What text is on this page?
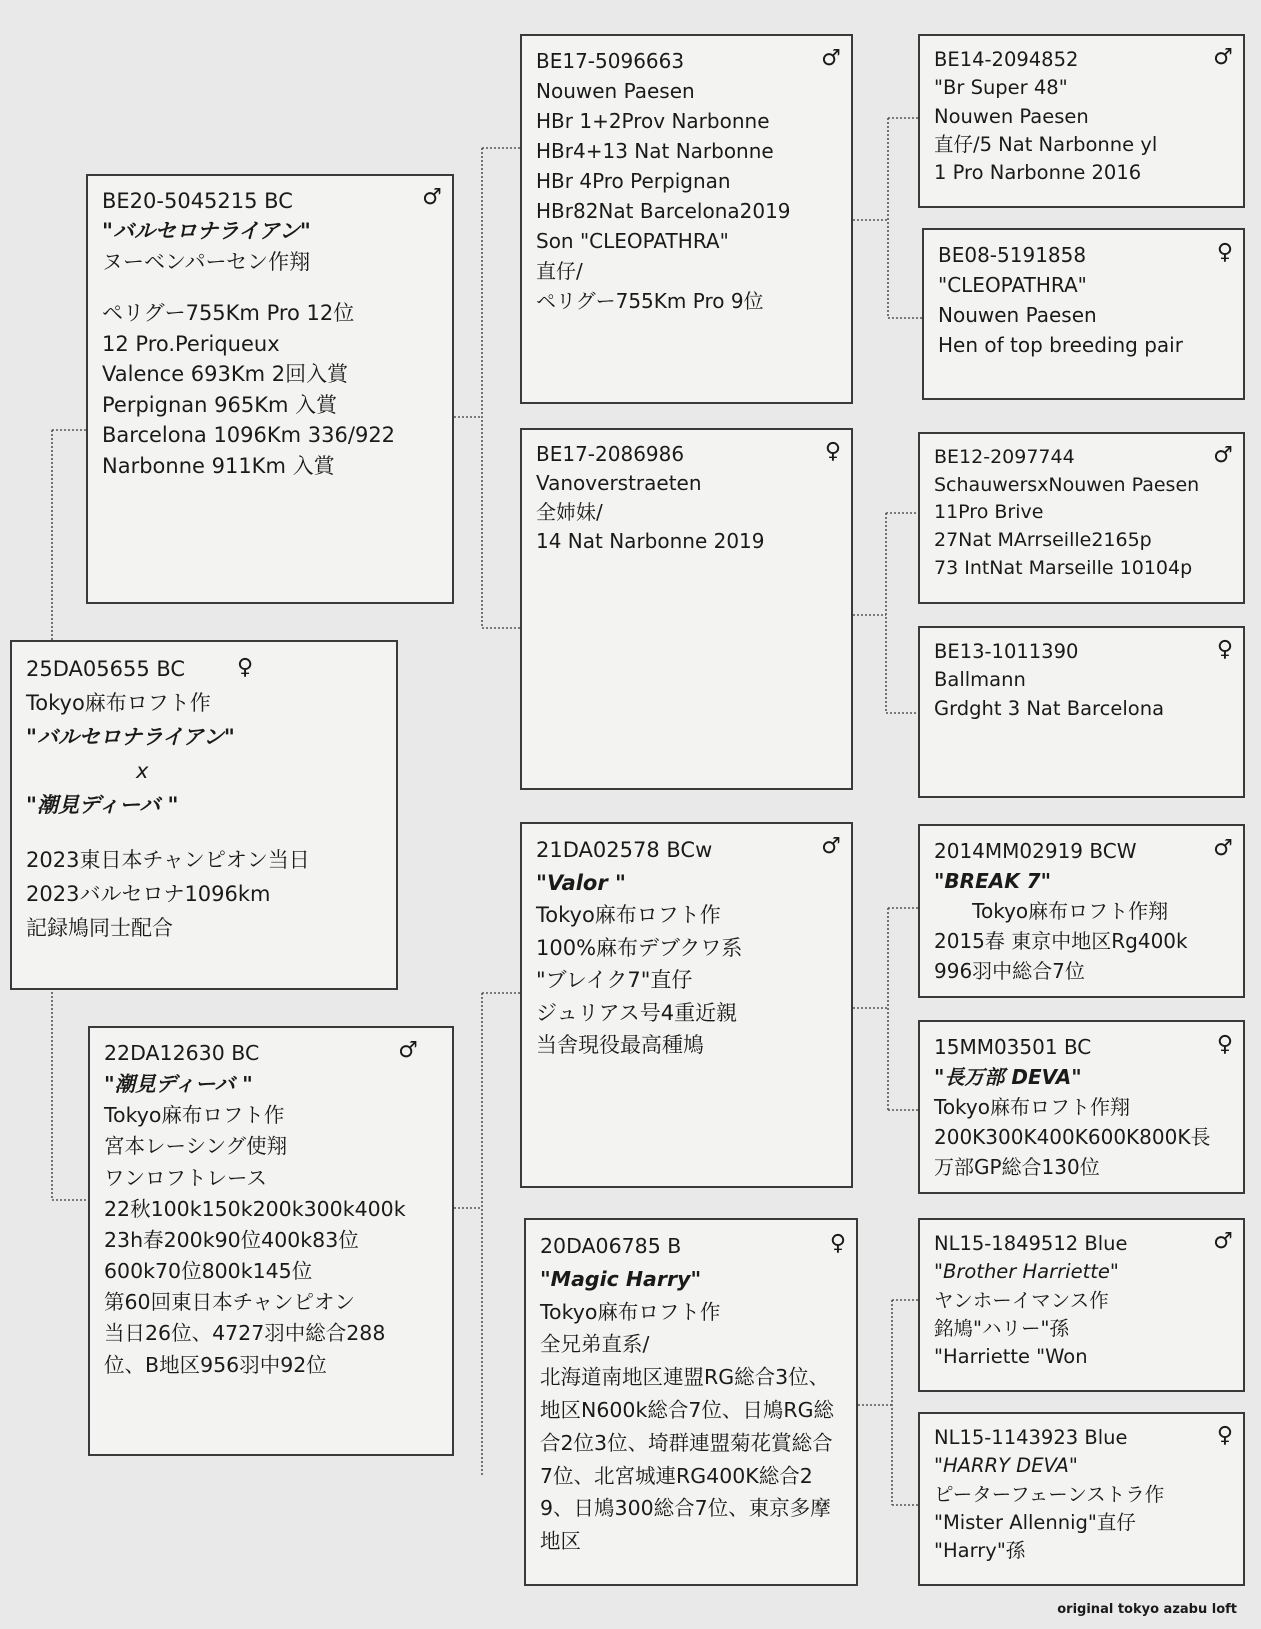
25DA05655 BC	♀
Tokyo麻布ロフト作
"バルセロナライアン"
x
"潮見ディーバ "
2023東日本チャンピオン当日
2023バルセロナ1096km
記録鳩同士配合
BE20-5045215 BC	♂
"バルセロナライアン"
ヌーベンパーセン作翔
ペリグー755Km Pro 12位
12 Pro.Periqueux
Valence 693Km 2回入賞
Perpignan 965Km 入賞
Barcelona 1096Km 336/922
Narbonne 911Km 入賞
22DA12630 BC	♂
"潮見ディーバ "
Tokyo麻布ロフト作
宮本レーシング使翔
ワンロフトレース
22秋100k150k200k300k400k
23h春200k90位400k83位
600k70位800k145位
第60回東日本チャンピオン
当日26位、4727羽中総合288
位、B地区956羽中92位
♂
BE17-5096663
Nouwen Paesen
HBr 1+2Prov Narbonne
HBr4+13 Nat Narbonne
HBr 4Pro Perpignan
HBr82Nat Barcelona2019
Son "CLEOPATHRA"
直仔/
ペリグー755Km Pro 9位
♀
BE17-2086986
Vanoverstraeten
全姉妹/
14 Nat Narbonne 2019
21DA02578 BCw	♂
"Valor "
Tokyo麻布ロフト作
100%麻布デブクワ系
"ブレイク7"直仔
ジュリアス号4重近親
当舎現役最高種鳩
20DA06785 B	♀
"Magic Harry"
Tokyo麻布ロフト作
全兄弟直系/
北海道南地区連盟RG総合3位、地区N600k総合7位、日鳩RG総合2位3位、埼群連盟菊花賞総合7位、北宮城連RG400K総合29、日鳩300総合7位、東京多摩地区
♂
BE14-2094852
"Br Super 48"
Nouwen Paesen
直仔/5 Nat Narbonne yl
1 Pro Narbonne 2016
♀
BE08-5191858
"CLEOPATHRA"
Nouwen Paesen
Hen of top breeding pair
♂
BE12-2097744
SchauwersxNouwen Paesen
11Pro Brive
27Nat MArrseille2165p
73 IntNat Marseille 10104p
♀
BE13-1011390
Ballmann
Grdght 3 Nat Barcelona
2014MM02919 BCW	♂
"BREAK 7"
Tokyo麻布ロフト作翔
2015春 東京中地区Rg400k
996羽中総合7位
15MM03501 BC	♀
"長万部 DEVA"
Tokyo麻布ロフト作翔
200K300K400K600K800K長
万部GP総合130位
NL15-1849512 Blue	♂
"Brother Harriette"
ヤンホーイマンス作
銘鳩"ハリー"孫
"Harriette "Won
NL15-1143923 Blue	♀
"HARRY DEVA"
ピーターフェーンストラ作
"Mister Allennig"直仔
"Harry"孫
original tokyo azabu loft
